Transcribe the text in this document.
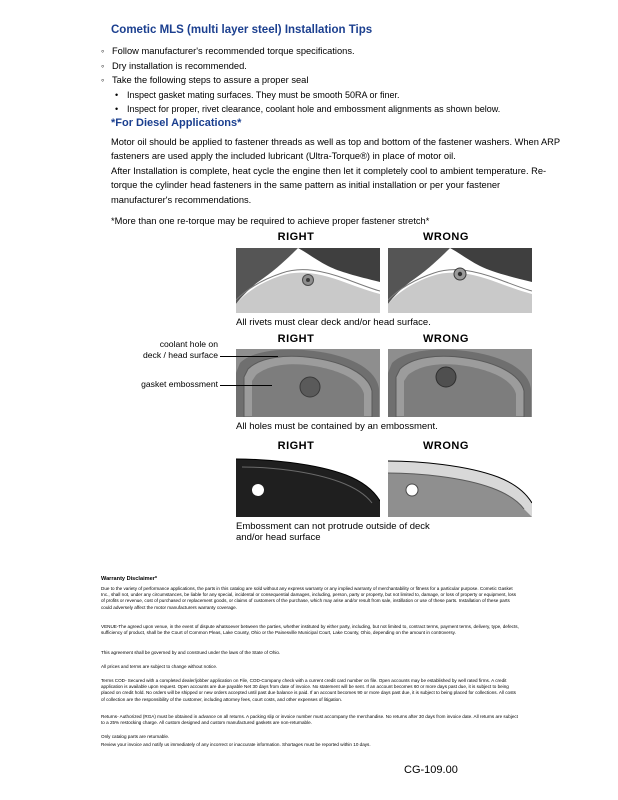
Cometic MLS (multi layer steel) Installation Tips
◦ Follow manufacturer's recommended torque specifications.
◦ Dry installation is recommended.
◦ Take the following steps to assure a proper seal
• Inspect gasket mating surfaces. They must be smooth 50RA or finer.
• Inspect for proper, rivet clearance, coolant hole and embossment alignments as shown below.
*For Diesel Applications*
Motor oil should be applied to fastener threads as well as top and bottom of the fastener washers. When ARP fasteners are used apply the included lubricant (Ultra-Torque®) in place of motor oil.
After Installation is complete, heat cycle the engine then let it completely cool to ambient temperature. Re-torque the cylinder head fasteners in the same pattern as initial installation or per your fastener manufacturer's recommendations.
*More than one re-torque may be required to achieve proper fastener stretch*
RIGHT	WRONG
All rivets must clear deck and/or head surface.
RIGHT	WRONG
coolant hole on
deck / head surface
gasket embossment
All holes must be contained by an embossment.
RIGHT	WRONG
Embossment can not protrude outside of deck
and/or head surface
Warranty Disclaimer*
Due to the variety of performance applications, the parts in this catalog are sold without any express warranty or any implied warranty of merchantability or fitness for a particular purpose. Cometic Gasket Inc., shall not, under any circumstances, be liable for any special, incidental or consequential damages, including, person, party or property, but not limited to, damage, or loss of property or equipment, loss of profits or revenue, cost of purchased or replacement goods, or claims of customers of the purchase, which may arise and/or result from sale, instillation or use of these parts. Installation of these parts could adversely affect the motor manufacturers warranty coverage.
VENUE-The agreed upon venue, in the event of dispute whatsoever between the parties, whether instituted by either party, including, but not limited to, contract terms, payment terms, delivery, type, defects, sufficiency of product, shall be the Court of Common Pleas, Lake County, Ohio or the Painesville Municipal Court, Lake County, Ohio, depending on the amount in controversy.
This agreement shall be governed by and construed under the laws of the State of Ohio.
All prices and terms are subject to change without notice.
Terms COD- Secured with a completed dealer/jobber application on File, COD-Company check with a current credit card number on file. Open accounts may be established by well rated firms. A credit application is available upon request. Open accounts are due payable Net 30 days from date of invoice. No statement will be sent. If an account becomes 60 or more days past due, it is subject to being placed on credit hold. No orders will be shipped or new orders accepted until past due balance is paid. If an account becomes 90 or more days past due, it is subject to being placed for collections. All costs of collection are the responsibility of the customer, including attorney fees, court costs, and other expenses of litigation.
Returns- Authorized (RGA) must be obtained in advance on all returns. A packing slip or invoice number must accompany the merchandise. No returns after 30 days from invoice date. All returns are subject to a 25% restocking charge. All custom designed and custom manufactured gaskets are non-returnable.
Only catalog parts are returnable.
Review your invoice and notify us immediately of any incorrect or inaccurate information. Shortages must be reported within 10 days.
CG-109.00
